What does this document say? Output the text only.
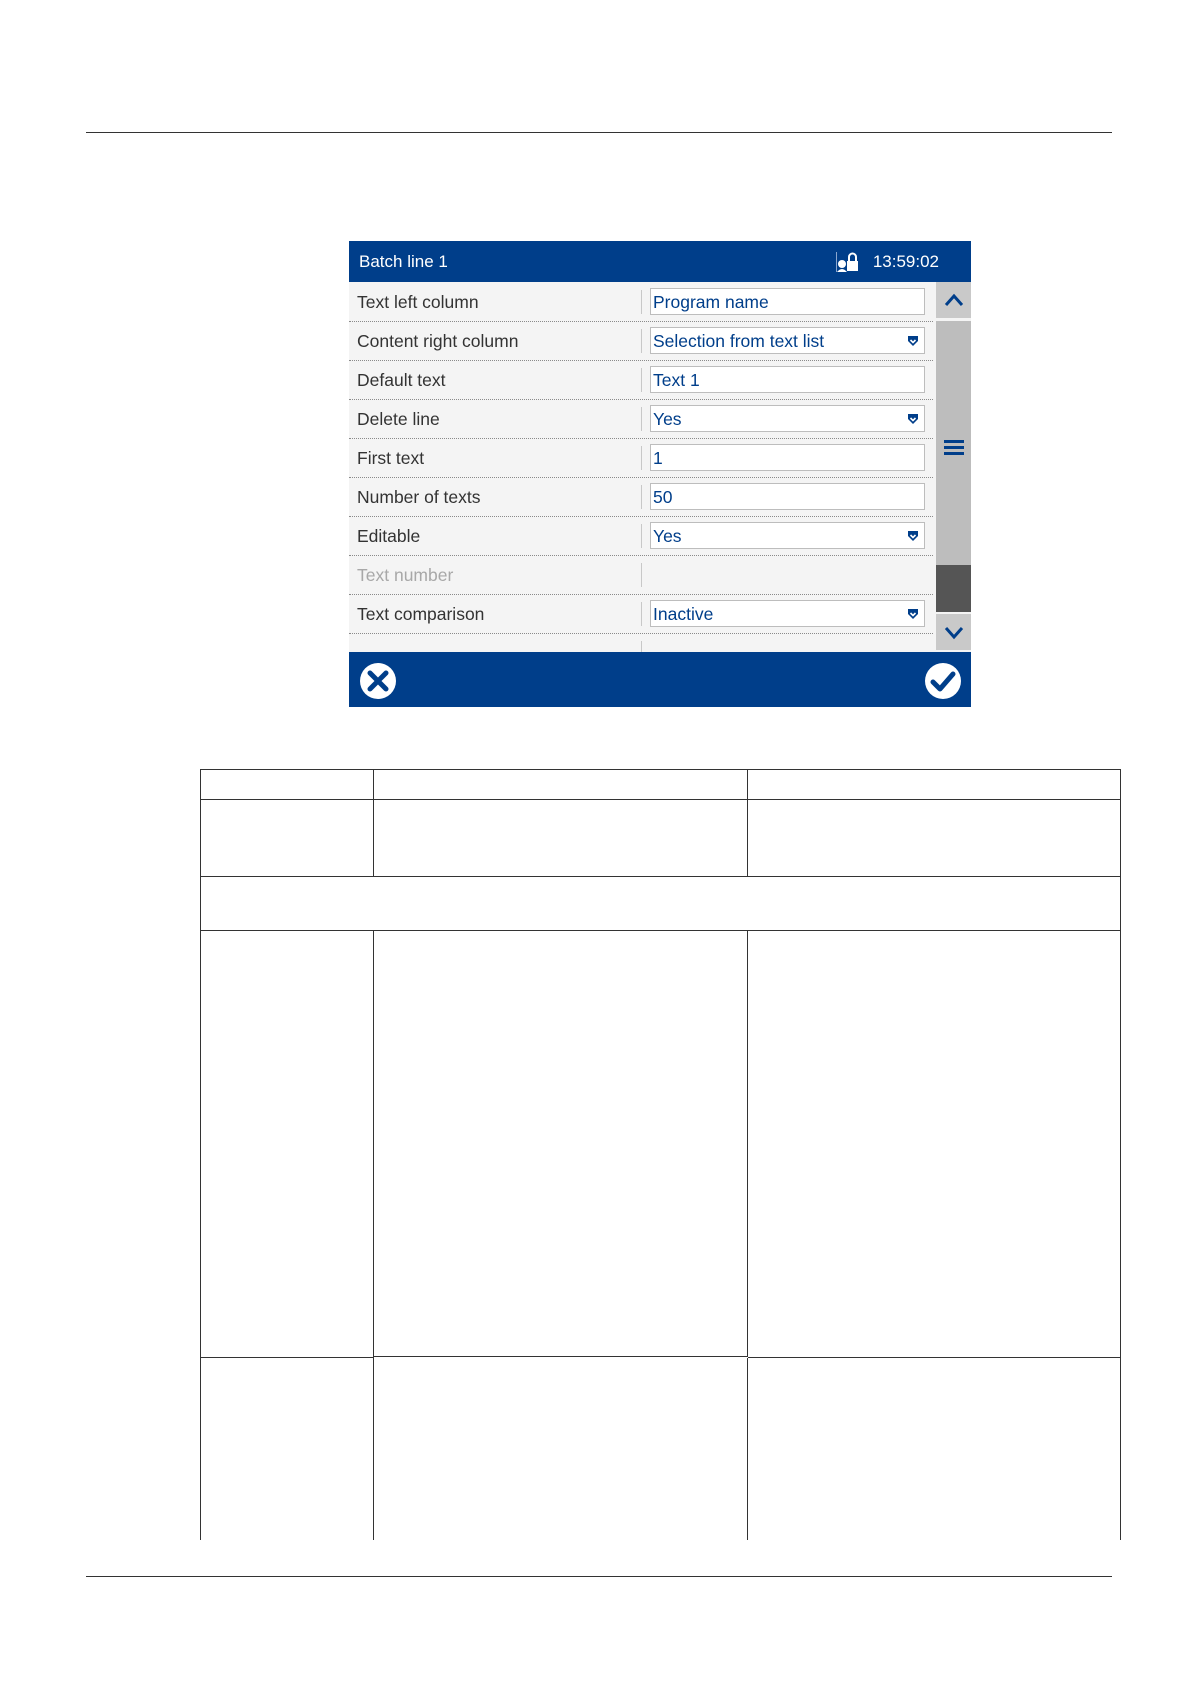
Batch line 1	13:59:02
Text left column	Program name
Content right column	Selection from text list
Default text	Text 1
Delete line	Yes
First text	1
Number of texts	50
Editable	Yes
Text number
Text comparison	Inactive
